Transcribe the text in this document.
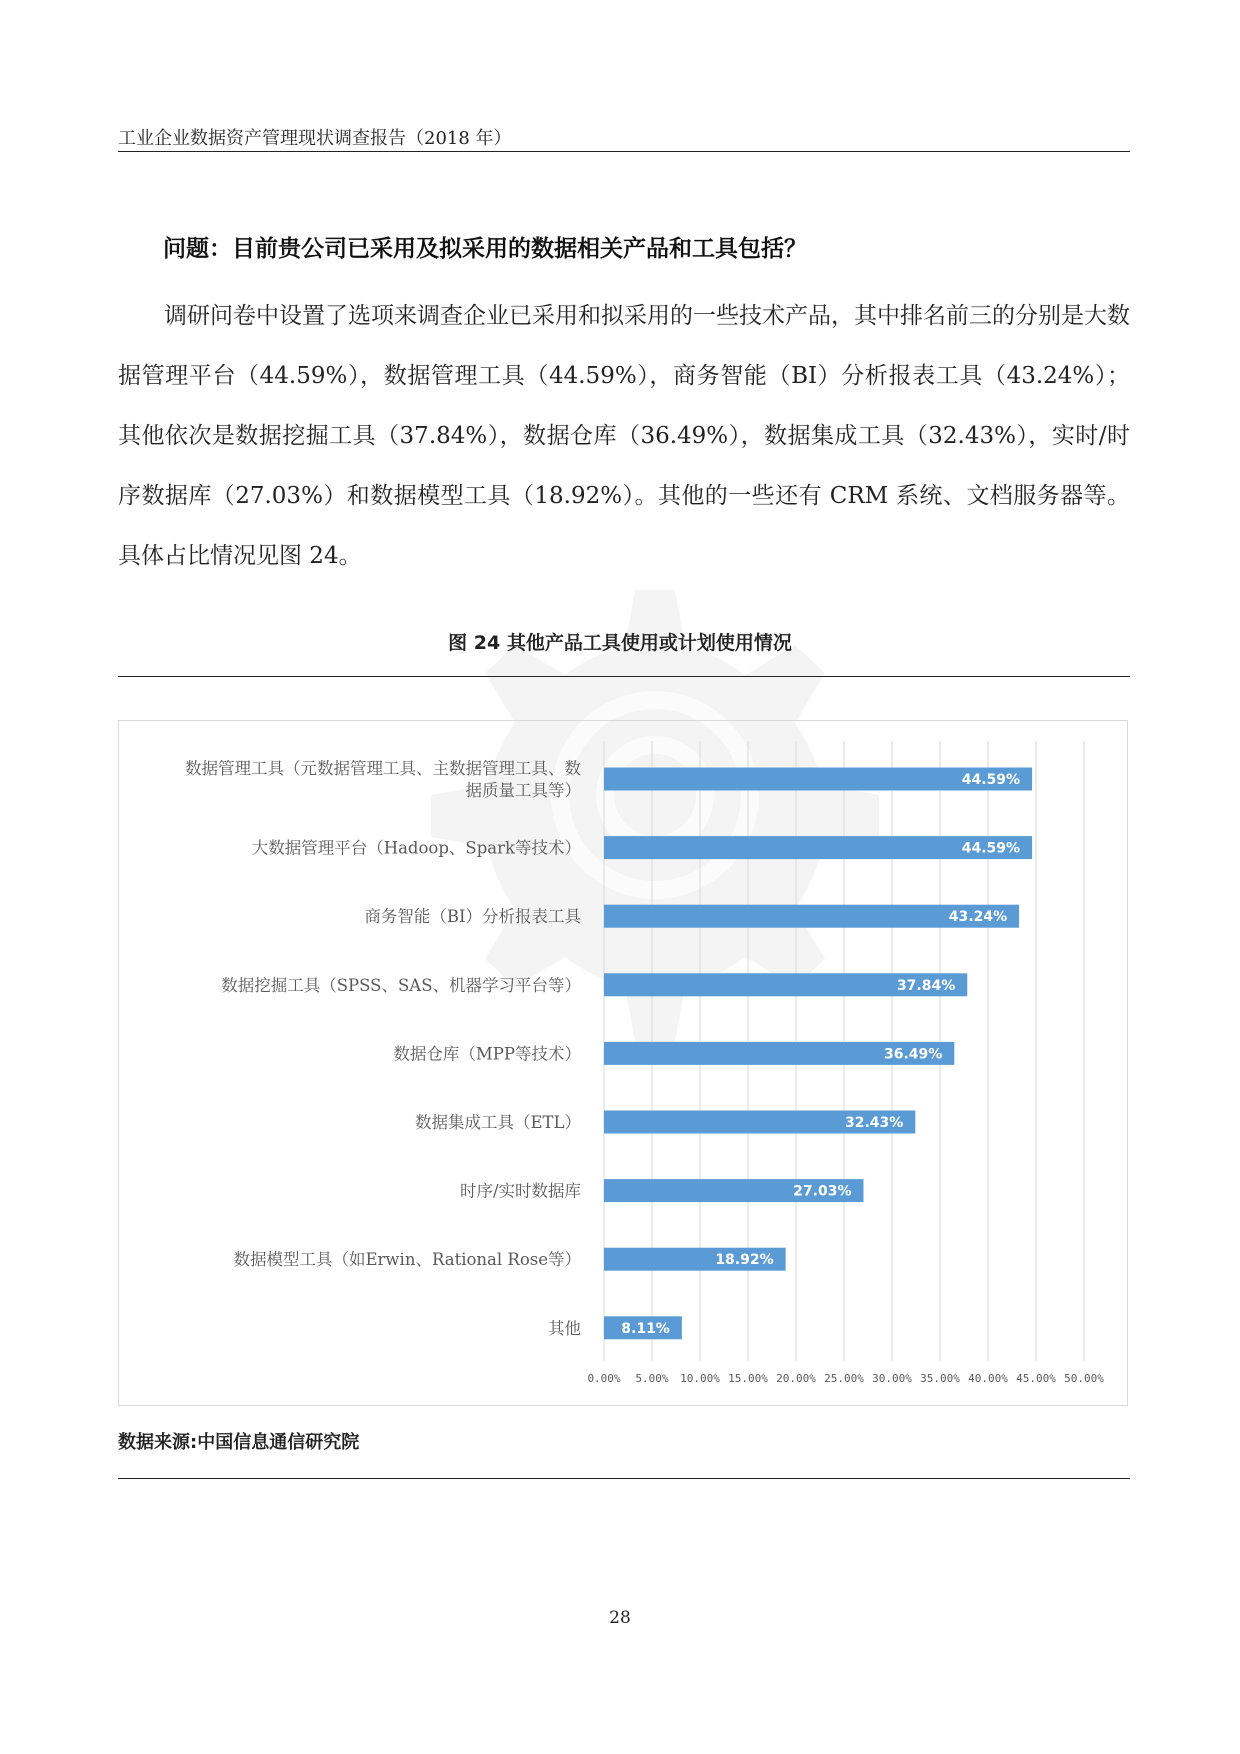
工业企业数据资产管理现状调查报告（2018 年）
问题：目前贵公司已采用及拟采用的数据相关产品和工具包括？

调研问卷中设置了选项来调查企业已采用和拟采用的一些技术产品，其中排名前三的分别是大数据管理平台（44.59%），数据管理工具（44.59%），商务智能（BI）分析报表工具（43.24%）；其他依次是数据挖掘工具（37.84%），数据仓库（36.49%），数据集成工具（32.43%），实时/时序数据库（27.03%）和数据模型工具（18.92%）。其他的一些还有 CRM 系统、文档服务器等。具体占比情况见图 24。

图 24 其他产品工具使用或计划使用情况
44.59%
数据管理工具（元数据管理工具、主数据管理工具、数
据质量工具等）
44.59%
大数据管理平台（Hadoop、Spark等技术）
43.24%
商务智能（BI）分析报表工具
37.84%
数据挖掘工具（SPSS、SAS、机器学习平台等）
36.49%
数据仓库（MPP等技术）
32.43%
数据集成工具（ETL）
27.03%
时序/实时数据库
18.92%
数据模型工具（如Erwin、Rational Rose等）
8.11%
其他
0.00% 5.00% 10.00% 15.00% 20.00% 25.00% 30.00% 35.00% 40.00% 45.00% 50.00%
数据来源:中国信息通信研究院
28
